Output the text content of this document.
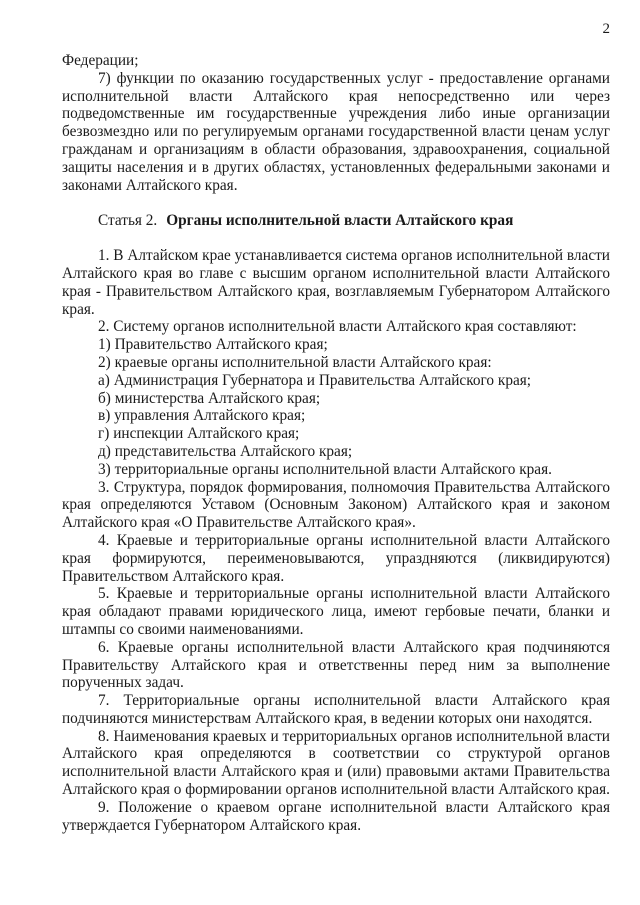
2

Федерации;

7) функции по оказанию государственных услуг - предоставление органами исполнительной власти Алтайского края непосредственно или через подведомственные им государственные учреждения либо иные организации безвозмездно или по регулируемым органами государственной власти ценам услуг гражданам и организациям в области образования, здравоохранения, социальной защиты населения и в других областях, установленных федеральными законами и законами Алтайского края.

Статья 2. Органы исполнительной власти Алтайского края

1. В Алтайском крае устанавливается система органов исполнительной власти Алтайского края во главе с высшим органом исполнительной власти Алтайского края - Правительством Алтайского края, возглавляемым Губернатором Алтайского края.

2. Систему органов исполнительной власти Алтайского края составляют:

1) Правительство Алтайского края;

2) краевые органы исполнительной власти Алтайского края:

а) Администрация Губернатора и Правительства Алтайского края;

б) министерства Алтайского края;

в) управления Алтайского края;

г) инспекции Алтайского края;

д) представительства Алтайского края;

3) территориальные органы исполнительной власти Алтайского края.

3. Структура, порядок формирования, полномочия Правительства Алтайского края определяются Уставом (Основным Законом) Алтайского края и законом Алтайского края «О Правительстве Алтайского края».

4. Краевые и территориальные органы исполнительной власти Алтайского края формируются, переименовываются, упраздняются (ликвидируются) Правительством Алтайского края.

5. Краевые и территориальные органы исполнительной власти Алтайского края обладают правами юридического лица, имеют гербовые печати, бланки и штампы со своими наименованиями.

6. Краевые органы исполнительной власти Алтайского края подчиняются Правительству Алтайского края и ответственны перед ним за выполнение порученных задач.

7. Территориальные органы исполнительной власти Алтайского края подчиняются министерствам Алтайского края, в ведении которых они находятся.

8. Наименования краевых и территориальных органов исполнительной власти Алтайского края определяются в соответствии со структурой органов исполнительной власти Алтайского края и (или) правовыми актами Правительства Алтайского края о формировании органов исполнительной власти Алтайского края.

9. Положение о краевом органе исполнительной власти Алтайского края утверждается Губернатором Алтайского края.
